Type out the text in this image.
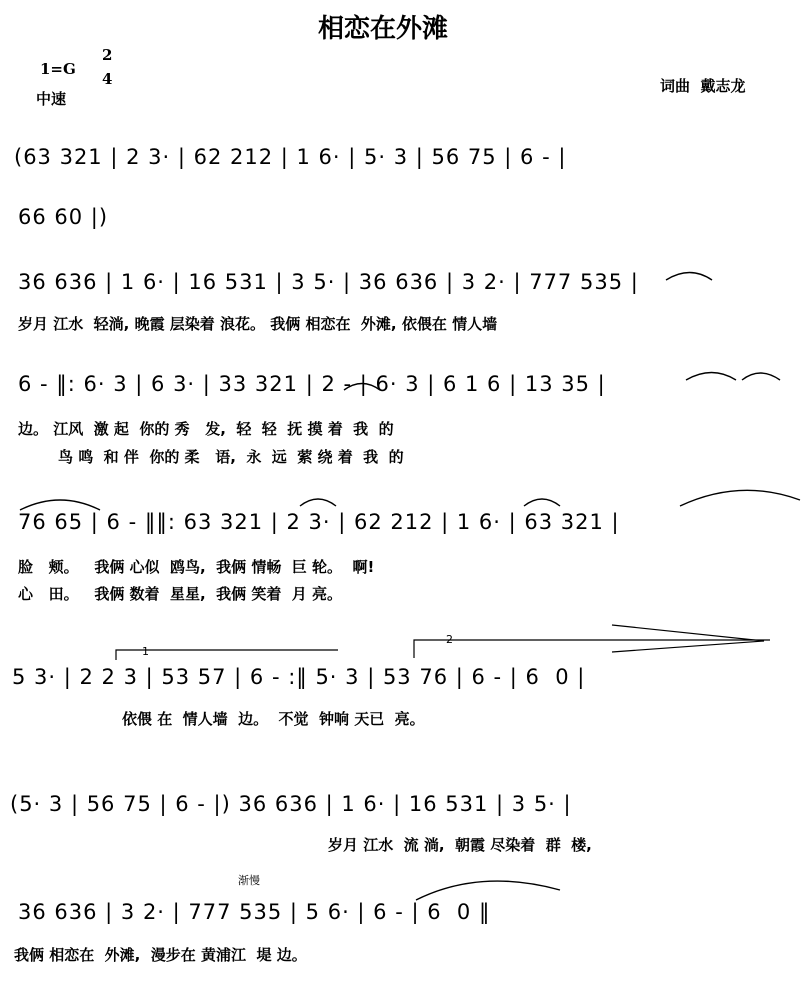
相恋在外滩
1=G
2
4
中速
词曲  戴志龙
(63 321 | 2 3· | 62 212 | 1 6· | 5· 3 | 56 75 | 6 - |
66 60 |)
36 636 | 1 6· | 16 531 | 3 5· | 36 636 | 3 2· | 777 535 |
岁月 江水  轻淌, 晚霞 层染着 浪花。 我俩 相恋在  外滩, 依偎在 情人墙
6 - ‖: 6· 3 | 6 3· | 33 321 | 2 - | 6· 3 | 6 1 6 | 13 35 |
边。 江风  激 起  你的 秀   发,  轻  轻  抚 摸 着  我  的
鸟 鸣  和 伴  你的 柔   语,  永  远  萦 绕 着  我  的
76 65 | 6 - ‖‖: 63 321 | 2 3· | 62 212 | 1 6· | 63 321 |
脸   颊。   我俩 心似  鸥鸟,  我俩 情畅  巨 轮。  啊!
心   田。   我俩 数着  星星,  我俩 笑着  月 亮。
1
2
5 3· | 2 2 3 | 53 57 | 6 - :‖ 5· 3 | 53 76 | 6 - | 6  0 |
依偎 在  情人墙  边。  不觉  钟响 天已  亮。
(5· 3 | 56 75 | 6 - |) 36 636 | 1 6· | 16 531 | 3 5· |
岁月 江水  流 淌,  朝霞 尽染着  群  楼,
渐慢
36 636 | 3 2· | 777 535 | 5 6· | 6 - | 6  0 ‖
我俩 相恋在  外滩,  漫步在 黄浦江  堤 边。
